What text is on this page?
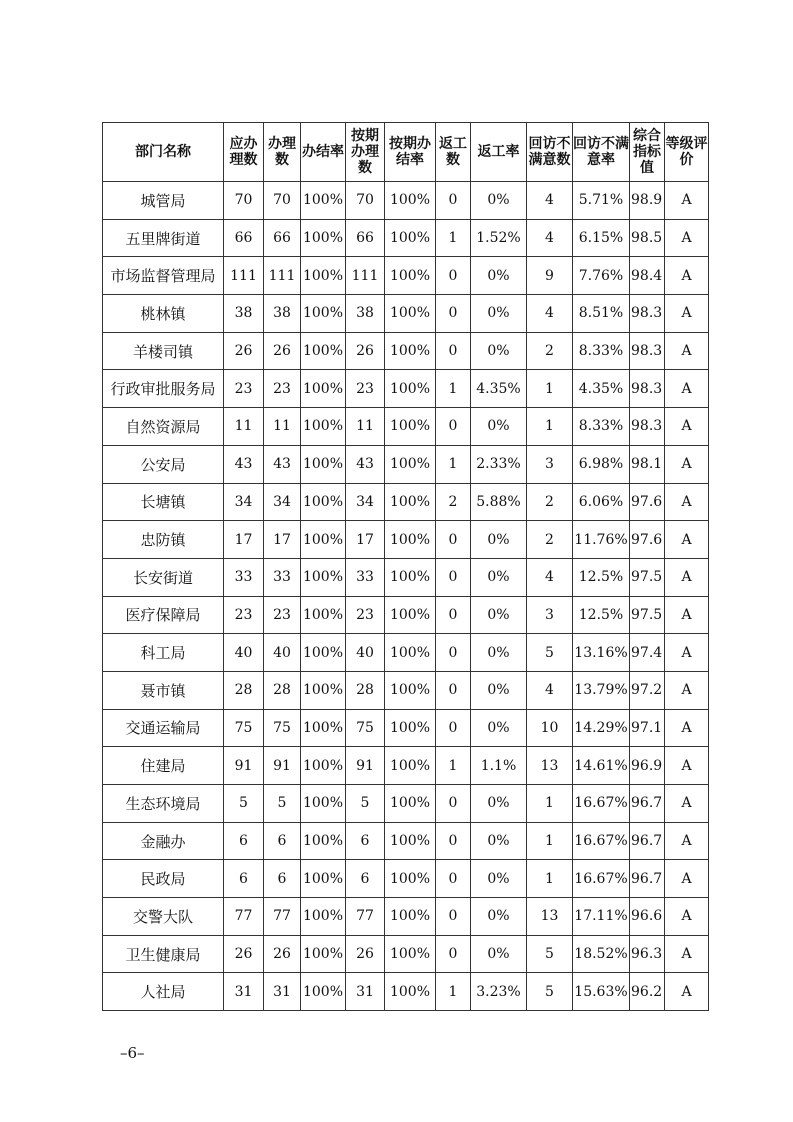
部门名称	应办理数	办理数	办结率	按期办理数	按期办结率	返工数	返工率	回访不满意数	回访不满意率	综合指标值	等级评价
城管局	70	70	100%	70	100%	0	0%	4	5.71%	98.9	A
五里牌街道	66	66	100%	66	100%	1	1.52%	4	6.15%	98.5	A
市场监督管理局	111	111	100%	111	100%	0	0%	9	7.76%	98.4	A
桃林镇	38	38	100%	38	100%	0	0%	4	8.51%	98.3	A
羊楼司镇	26	26	100%	26	100%	0	0%	2	8.33%	98.3	A
行政审批服务局	23	23	100%	23	100%	1	4.35%	1	4.35%	98.3	A
自然资源局	11	11	100%	11	100%	0	0%	1	8.33%	98.3	A
公安局	43	43	100%	43	100%	1	2.33%	3	6.98%	98.1	A
长塘镇	34	34	100%	34	100%	2	5.88%	2	6.06%	97.6	A
忠防镇	17	17	100%	17	100%	0	0%	2	11.76%	97.6	A
长安街道	33	33	100%	33	100%	0	0%	4	12.5%	97.5	A
医疗保障局	23	23	100%	23	100%	0	0%	3	12.5%	97.5	A
科工局	40	40	100%	40	100%	0	0%	5	13.16%	97.4	A
聂市镇	28	28	100%	28	100%	0	0%	4	13.79%	97.2	A
交通运输局	75	75	100%	75	100%	0	0%	10	14.29%	97.1	A
住建局	91	91	100%	91	100%	1	1.1%	13	14.61%	96.9	A
生态环境局	5	5	100%	5	100%	0	0%	1	16.67%	96.7	A
金融办	6	6	100%	6	100%	0	0%	1	16.67%	96.7	A
民政局	6	6	100%	6	100%	0	0%	1	16.67%	96.7	A
交警大队	77	77	100%	77	100%	0	0%	13	17.11%	96.6	A
卫生健康局	26	26	100%	26	100%	0	0%	5	18.52%	96.3	A
人社局	31	31	100%	31	100%	1	3.23%	5	15.63%	96.2	A
–6–
